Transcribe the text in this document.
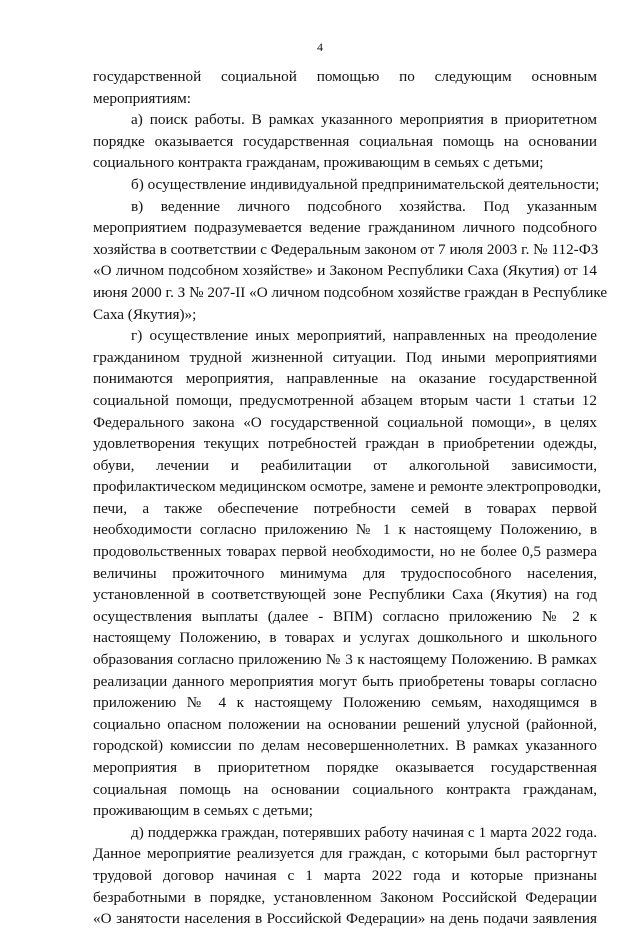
4
государственной социальной помощью по следующим основным
мероприятиям:
а) поиск работы. В рамках указанного мероприятия в приоритетном
порядке оказывается государственная социальная помощь на основании
социального контракта гражданам, проживающим в семьях с детьми;
б) осуществление индивидуальной предпринимательской деятельности;
в) веденние личного подсобного хозяйства. Под указанным
мероприятием подразумевается ведение гражданином личного подсобного
хозяйства в соответствии с Федеральным законом от 7 июля 2003 г. № 112-ФЗ
«О личном подсобном хозяйстве» и Законом Республики Саха (Якутия) от 14
июня 2000 г. З № 207-II «О личном подсобном хозяйстве граждан в Республике
Саха (Якутия)»;
г) осуществление иных мероприятий, направленных на преодоление
гражданином трудной жизненной ситуации. Под иными мероприятиями
понимаются мероприятия, направленные на оказание государственной
социальной помощи, предусмотренной абзацем вторым части 1 статьи 12
Федерального закона «О государственной социальной помощи», в целях
удовлетворения текущих потребностей граждан в приобретении одежды,
обуви, лечении и реабилитации от алкогольной зависимости,
профилактическом медицинском осмотре, замене и ремонте электропроводки,
печи, а также обеспечение потребности семей в товарах первой
необходимости согласно приложению № 1 к настоящему Положению, в
продовольственных товарах первой необходимости, но не более 0,5 размера
величины прожиточного минимума для трудоспособного населения,
установленной в соответствующей зоне Республики Саха (Якутия) на год
осуществления выплаты (далее - ВПМ) согласно приложению № 2 к
настоящему Положению, в товарах и услугах дошкольного и школьного
образования согласно приложению № 3 к настоящему Положению. В рамках
реализации данного мероприятия могут быть приобретены товары согласно
приложению № 4 к настоящему Положению семьям, находящимся в
социально опасном положении на основании решений улусной (районной,
городской) комиссии по делам несовершеннолетних. В рамках указанного
мероприятия в приоритетном порядке оказывается государственная
социальная помощь на основании социального контракта гражданам,
проживающим в семьях с детьми;
д) поддержка граждан, потерявших работу начиная с 1 марта 2022 года.
Данное мероприятие реализуется для граждан, с которыми был расторгнут
трудовой договор начиная с 1 марта 2022 года и которые признаны
безработными в порядке, установленном Законом Российской Федерации
«О занятости населения в Российской Федерации» на день подачи заявления
